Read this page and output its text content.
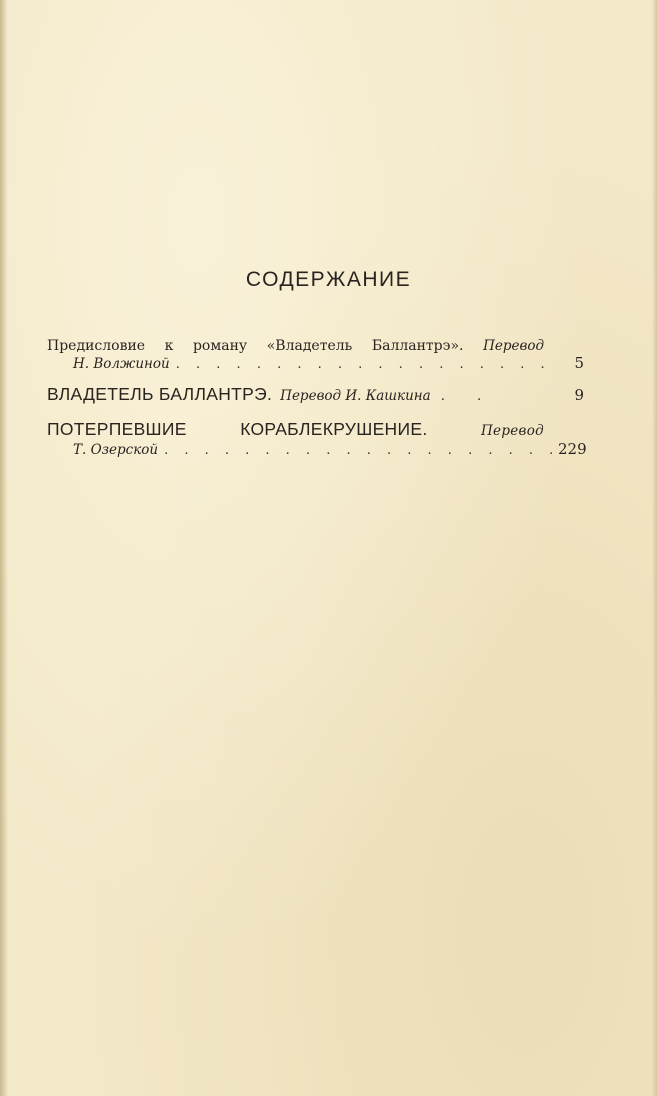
СОДЕРЖАНИЕ
Предисловие к роману «Владетель Баллантрэ». Перевод
Н. Волжиной . . .	5
ВЛАДЕТЕЛЬ БАЛЛАНТРЭ. Перевод И. Кашкина . .	9
ПОТЕРПЕВШИЕ	КОРАБЛЕКРУШЕНИЕ.	Перевод
Т. Озерской . . .	229
